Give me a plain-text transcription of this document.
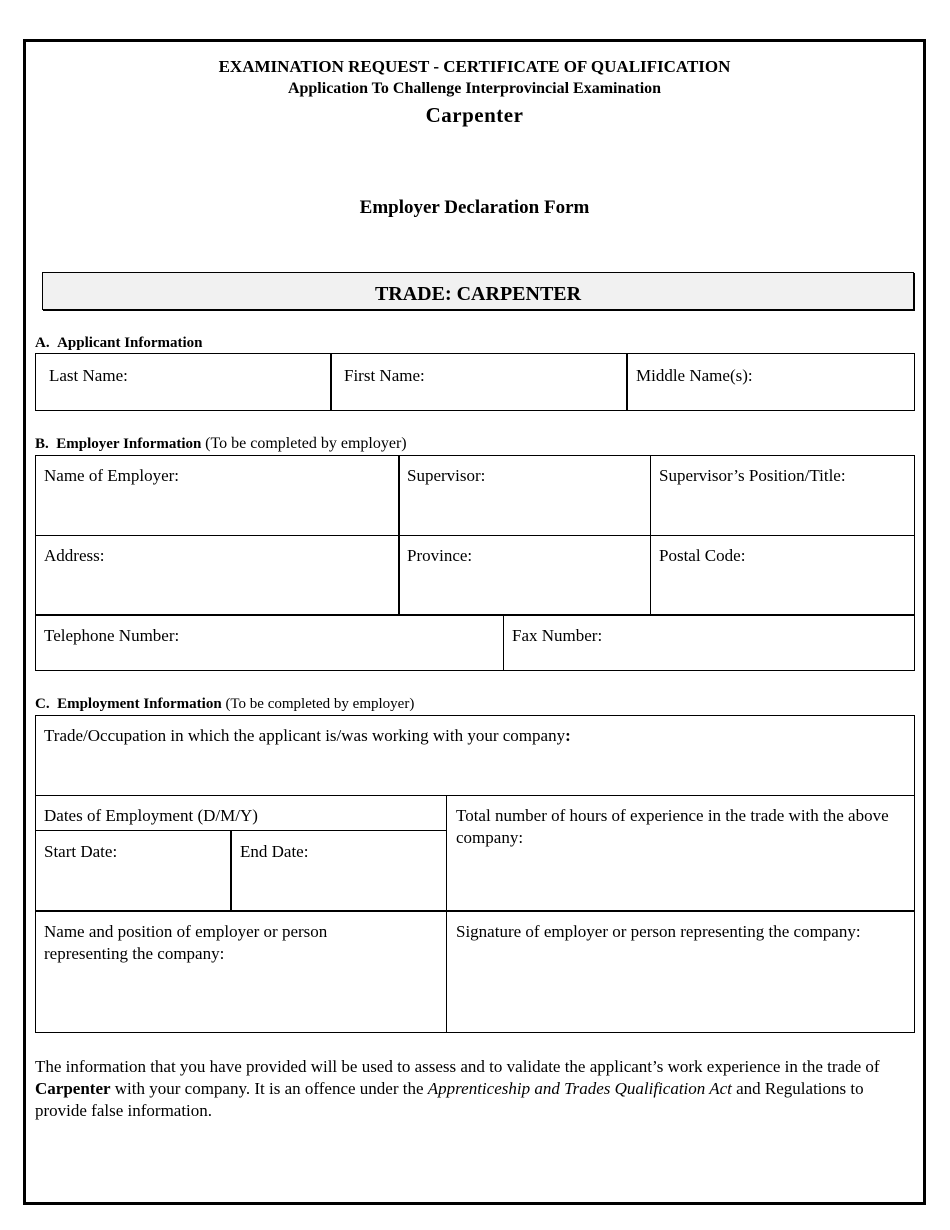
EXAMINATION REQUEST - CERTIFICATE OF QUALIFICATION
Application To Challenge Interprovincial Examination
Carpenter
Employer Declaration Form
TRADE: CARPENTER
A. Applicant Information
Last Name:	First Name:	Middle Name(s):
B. Employer Information (To be completed by employer)
Name of Employer:	Supervisor:	Supervisor’s Position/Title:
Address:	Province:	Postal Code:
Telephone Number:	Fax Number:
C. Employment Information (To be completed by employer)
Trade/Occupation in which the applicant is/was working with your company:
Dates of Employment (D/M/Y)	Total number of hours of experience in the trade with the above company:
Start Date:	End Date:
Name and position of employer or person representing the company:
Signature of employer or person representing the company:
The information that you have provided will be used to assess and to validate the applicant’s work experience in the trade of Carpenter with your company. It is an offence under the Apprenticeship and Trades Qualification Act and Regulations to provide false information.
